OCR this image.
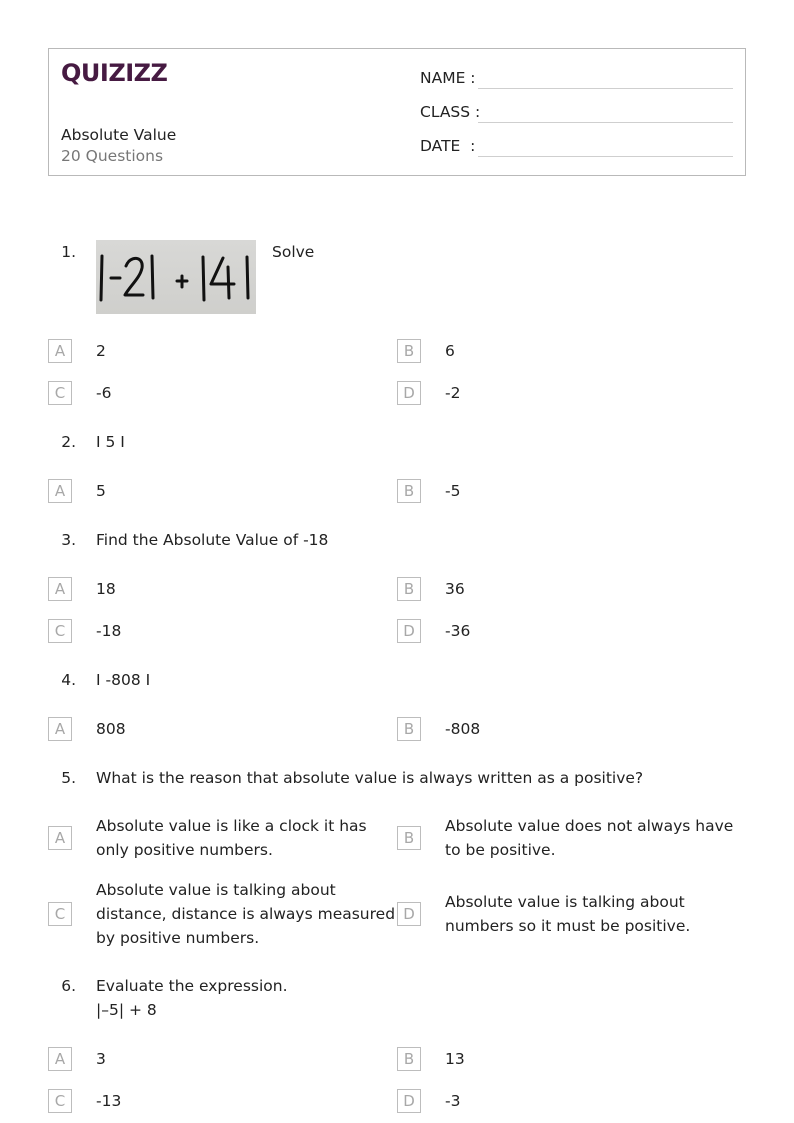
QUIZIZZ
Absolute Value
20 Questions
NAME :
CLASS :
DATE  :
1.	Solve
A	2	B	6
C	-6	D	-2
2. I 5 I
A	5	B	-5
3. Find the Absolute Value of -18
A	18	B	36
C	-18	D	-36
4. I -808 I
A	808	B	-808
5. What is the reason that absolute value is always written as a positive?
A
Absolute value is like a clock it has only positive numbers.
B
Absolute value does not always have to be positive.
C
Absolute value is talking about distance, distance is always measured by positive numbers.
D
Absolute value is talking about numbers so it must be positive.
6. Evaluate the expression.
|–5| + 8
A	3	B	13
C	-13	D	-3
